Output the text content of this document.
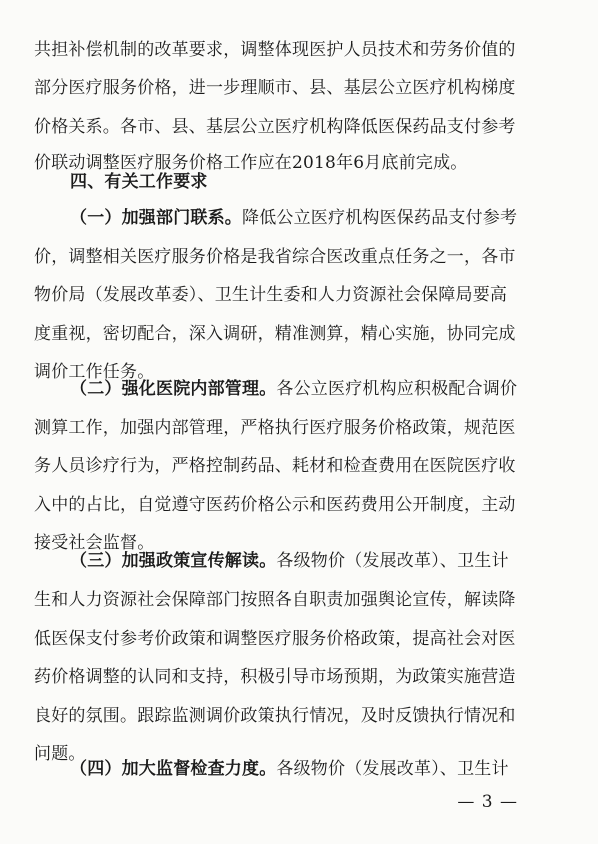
共担补偿机制的改革要求，调整体现医护人员技术和劳务价值的
部分医疗服务价格，进一步理顺市、县、基层公立医疗机构梯度
价格关系。各市、县、基层公立医疗机构降低医保药品支付参考
价联动调整医疗服务价格工作应在2018年6月底前完成。
四、有关工作要求
（一）加强部门联系。降低公立医疗机构医保药品支付参考
价，调整相关医疗服务价格是我省综合医改重点任务之一，各市
物价局（发展改革委）、卫生计生委和人力资源社会保障局要高
度重视，密切配合，深入调研，精准测算，精心实施，协同完成
调价工作任务。
（二）强化医院内部管理。各公立医疗机构应积极配合调价
测算工作，加强内部管理，严格执行医疗服务价格政策，规范医
务人员诊疗行为，严格控制药品、耗材和检查费用在医院医疗收
入中的占比，自觉遵守医药价格公示和医药费用公开制度，主动
接受社会监督。
（三）加强政策宣传解读。各级物价（发展改革）、卫生计
生和人力资源社会保障部门按照各自职责加强舆论宣传，解读降
低医保支付参考价政策和调整医疗服务价格政策，提高社会对医
药价格调整的认同和支持，积极引导市场预期，为政策实施营造
良好的氛围。跟踪监测调价政策执行情况，及时反馈执行情况和
问题。
（四）加大监督检查力度。各级物价（发展改革）、卫生计
— 3 —
